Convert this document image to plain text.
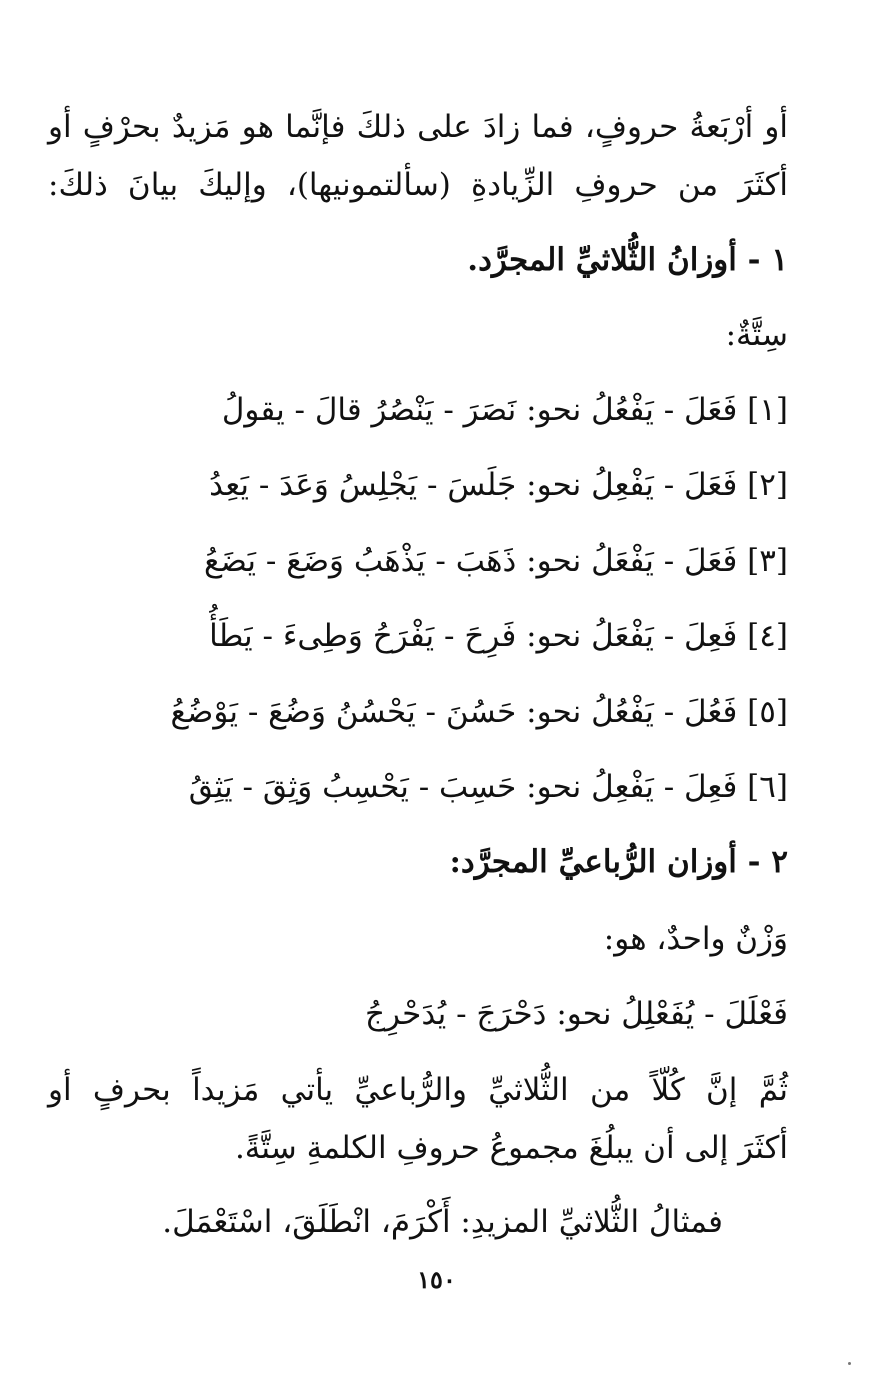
أو أرْبَعةُ حروفٍ، فما زادَ على ذلكَ فإنَّما هو مَزيدٌ بحرْفٍ أو
أكثَرَ من حروفِ الزِّيادةِ (سألتمونيها)، وإليكَ بيانَ ذلكَ:
١ - أوزانُ الثُّلاثيِّ المجرَّد.
سِتَّةٌ:
[١] فَعَلَ - يَفْعُلُ نحو: نَصَرَ - يَنْصُرُ قالَ - يقولُ
[٢] فَعَلَ - يَفْعِلُ نحو: جَلَسَ - يَجْلِسُ وَعَدَ - يَعِدُ
[٣] فَعَلَ - يَفْعَلُ نحو: ذَهَبَ - يَذْهَبُ وَضَعَ - يَضَعُ
[٤] فَعِلَ - يَفْعَلُ نحو: فَرِحَ - يَفْرَحُ وَطِىءَ - يَطَأُ
[٥] فَعُلَ - يَفْعُلُ نحو: حَسُنَ - يَحْسُنُ وَضُعَ - يَوْضُعُ
[٦] فَعِلَ - يَفْعِلُ نحو: حَسِبَ - يَحْسِبُ وَثِقَ - يَثِقُ
٢ - أوزان الرُّباعيِّ المجرَّد:
وَزْنٌ واحدٌ، هو:
فَعْلَلَ - يُفَعْلِلُ نحو: دَحْرَجَ - يُدَحْرِجُ
ثُمَّ إنَّ كُلّاً من الثُّلاثيِّ والرُّباعيِّ يأتي مَزيداً بحرفٍ أو
أكثَرَ إلى أن يبلُغَ مجموعُ حروفِ الكلمةِ سِتَّةً.
فمثالُ الثُّلاثيِّ المزيدِ: أَكْرَمَ، انْطَلَقَ، اسْتَعْمَلَ.
١٥٠
